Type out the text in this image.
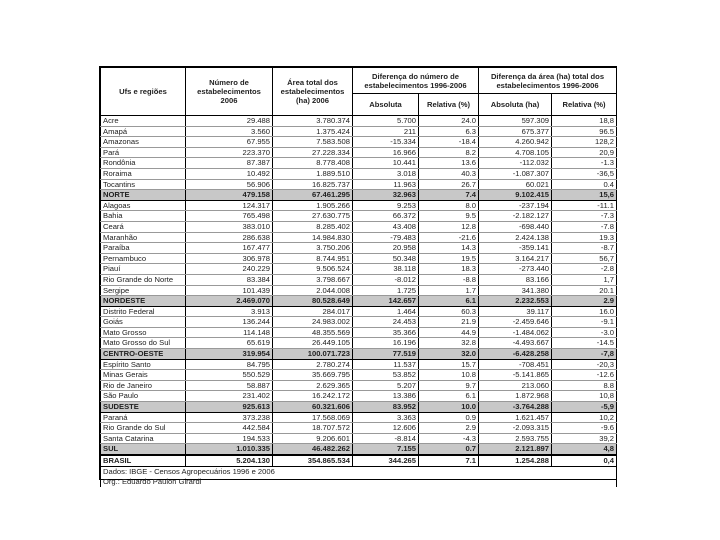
Ufs e regiões	Número de estabelecimentos 2006	Área total dos estabelecimentos (ha) 2006	Diferença do número de estabelecimentos 1996-2006		Diferença da área (ha) total dos estabelecimentos 1996-2006	
			Absoluta	Relativa (%)	Absoluta (ha)	Relativa (%)
Acre	29.488	3.780.374	5.700	24.0	597.309	18,8
Amapá	3.560	1.375.424	211	6.3	675.377	96.5
Amazonas	67.955	7.583.508	-15.334	-18.4	4.260.942	128,2
Pará	223.370	27.228.334	16.966	8.2	4.708.105	20,9
Rondônia	87.387	8.778.408	10.441	13.6	-112.032	-1.3
Roraima	10.492	1.889.510	3.018	40.3	-1.087.307	-36,5
Tocantins	56.906	16.825.737	11.963	26.7	60.021	0.4
NORTE	479.158	67.461.295	32.963	7.4	9.102.415	15,6
Alagoas	124.317	1.905.266	9.253	8.0	-237.194	-11.1
Bahia	765.498	27.630.775	66.372	9.5	-2.182.127	-7.3
Ceará	383.010	8.285.402	43.408	12.8	-698.440	-7.8
Maranhão	286.638	14.984.830	-79.483	-21.6	2.424.138	19.3
Paraíba	167.477	3.750.206	20.958	14.3	-359.141	-8.7
Pernambuco	306.978	8.744.951	50.348	19.5	3.164.217	56,7
Piauí	240.229	9.506.524	38.118	18.3	-273.440	-2.8
Rio Grande do Norte	83.384	3.798.667	-8.012	-8.8	83.166	1,7
Sergipe	101.439	2.044.008	1.725	1.7	341.380	20.1
NORDESTE	2.469.070	80.528.649	142.657	6.1	2.232.553	2.9
Distrito Federal	3.913	284.017	1.464	60.3	39.117	16.0
Goiás	136.244	24.983.002	24.453	21.9	-2.459.646	-9.1
Mato Grosso	114.148	48.355.569	35.366	44.9	-1.484.062	-3.0
Mato Grosso do Sul	65.619	26.449.105	16.196	32.8	-4.493.667	-14.5
CENTRO-OESTE	319.954	100.071.723	77.519	32.0	-6.428.258	-7,8
Espírito Santo	84.795	2.780.274	11.537	15.7	-708.451	-20,3
Minas Gerais	550.529	35.669.795	53.852	10.8	-5.141.865	-12.6
Rio de Janeiro	58.887	2.629.365	5.207	9.7	213.060	8.8
São Paulo	231.402	16.242.172	13.386	6.1	1.872.968	10,8
SUDESTE	925.613	60.321.606	83.952	10.0	-3.764.288	-5,9
Paraná	373.238	17.568.069	3.363	0.9	1.621.457	10,2
Rio Grande do Sul	442.584	18.707.572	12.606	2.9	-2.093.315	-9.6
Santa Catarina	194.533	9.206.601	-8.814	-4.3	2.593.755	39,2
SUL	1.010.335	46.482.262	7.155	0.7	2.121.897	4,8
BRASIL	5.204.130	354.865.534	344.265	7.1	1.254.288	0,4
Dados: IBGE - Censos Agropecuários 1996 e 2006						
Org.: Eduardo Paulon Girardi						
